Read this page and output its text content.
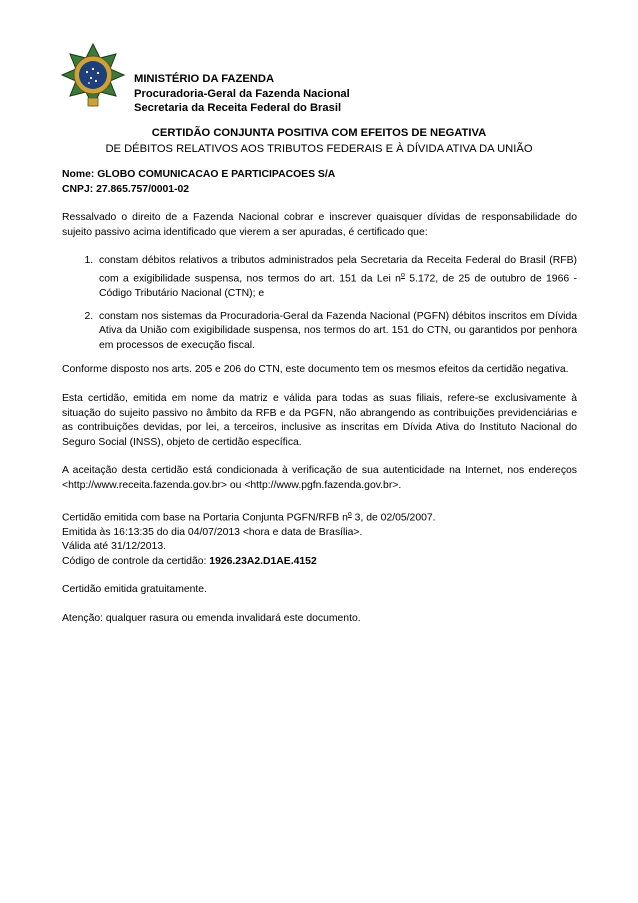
MINISTÉRIO DA FAZENDA
Procuradoria-Geral da Fazenda Nacional
Secretaria da Receita Federal do Brasil
CERTIDÃO CONJUNTA POSITIVA COM EFEITOS DE NEGATIVA
DE DÉBITOS RELATIVOS AOS TRIBUTOS FEDERAIS E À DÍVIDA ATIVA DA UNIÃO
Nome: GLOBO COMUNICACAO E PARTICIPACOES S/A
CNPJ: 27.865.757/0001-02

Ressalvado o direito de a Fazenda Nacional cobrar e inscrever quaisquer dívidas de responsabilidade do sujeito passivo acima identificado que vierem a ser apuradas, é certificado que:

1. constam débitos relativos a tributos administrados pela Secretaria da Receita Federal do Brasil (RFB) com a exigibilidade suspensa, nos termos do art. 151 da Lei $n^o$ 5.172, de 25 de outubro de 1966 - Código Tributário Nacional (CTN); e
2. constam nos sistemas da Procuradoria-Geral da Fazenda Nacional (PGFN) débitos inscritos em Dívida Ativa da União com exigibilidade suspensa, nos termos do art. 151 do CTN, ou garantidos por penhora em processos de execução fiscal.

Conforme disposto nos arts. 205 e 206 do CTN, este documento tem os mesmos efeitos da certidão negativa.

Esta certidão, emitida em nome da matriz e válida para todas as suas filiais, refere-se exclusivamente à situação do sujeito passivo no âmbito da RFB e da PGFN, não abrangendo as contribuições previdenciárias e as contribuições devidas, por lei, a terceiros, inclusive as inscritas em Dívida Ativa do Instituto Nacional do Seguro Social (INSS), objeto de certidão específica.

A aceitação desta certidão está condicionada à verificação de sua autenticidade na Internet, nos endereços <http://www.receita.fazenda.gov.br> ou <http://www.pgfn.fazenda.gov.br>.

Certidão emitida com base na Portaria Conjunta PGFN/RFB $n^o$ 3, de 02/05/2007.
Emitida às 16:13:35 do dia 04/07/2013 <hora e data de Brasília>.
Válida até 31/12/2013.
Código de controle da certidão: 1926.23A2.D1AE.4152

Certidão emitida gratuitamente.

Atenção: qualquer rasura ou emenda invalidará este documento.
